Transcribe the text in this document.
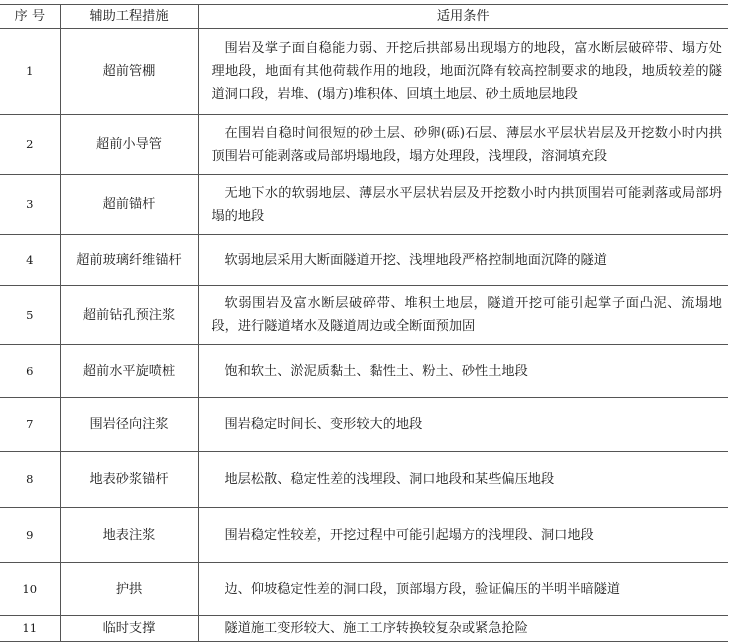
序 号	辅助工程措施	适用条件
1	超前管棚	围岩及掌子面自稳能力弱、开挖后拱部易出现塌方的地段，富水断层破碎带、塌方处理地段，地面有其他荷载作用的地段，地面沉降有较高控制要求的地段，地质较差的隧道洞口段，岩堆、(塌方)堆积体、回填土地层、砂土质地层地段

2	超前小导管	在围岩自稳时间很短的砂土层、砂卵(砾)石层、薄层水平层状岩层及开挖数小时内拱顶围岩可能剥落或局部坍塌地段，塌方处理段，浅埋段，溶洞填充段

3	超前锚杆	无地下水的软弱地层、薄层水平层状岩层及开挖数小时内拱顶围岩可能剥落或局部坍塌的地段

4	超前玻璃纤维锚杆	软弱地层采用大断面隧道开挖、浅埋地段严格控制地面沉降的隧道

5	超前钻孔预注浆	软弱围岩及富水断层破碎带、堆积土地层，隧道开挖可能引起掌子面凸泥、流塌地段，进行隧道堵水及隧道周边或全断面预加固

6	超前水平旋喷桩	饱和软土、淤泥质黏土、黏性土、粉土、砂性土地段

7	围岩径向注浆	围岩稳定时间长、变形较大的地段

8	地表砂浆锚杆	地层松散、稳定性差的浅埋段、洞口地段和某些偏压地段

9	地表注浆	围岩稳定性较差，开挖过程中可能引起塌方的浅埋段、洞口地段

10	护拱	边、仰坡稳定性差的洞口段，顶部塌方段，验证偏压的半明半暗隧道

11	临时支撑	隧道施工变形较大、施工工序转换较复杂或紧急抢险
